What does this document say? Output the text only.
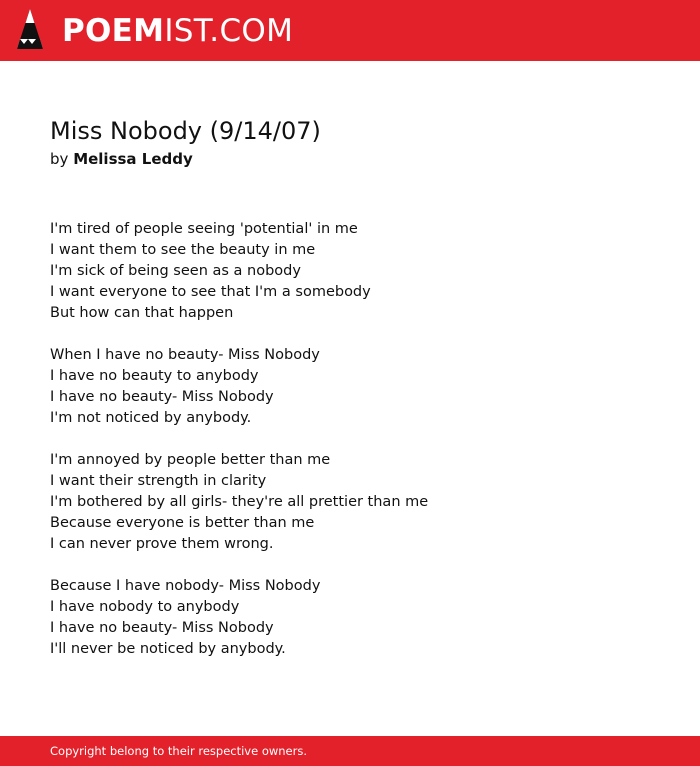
POEMIST.COM
Miss Nobody (9/14/07)
by Melissa Leddy
I'm tired of people seeing 'potential' in me
I want them to see the beauty in me
I'm sick of being seen as a nobody
I want everyone to see that I'm a somebody
But how can that happen
When I have no beauty- Miss Nobody
I have no beauty to anybody
I have no beauty- Miss Nobody
I'm not noticed by anybody.
I'm annoyed by people better than me
I want their strength in clarity
I'm bothered by all girls- they're all prettier than me
Because everyone is better than me
I can never prove them wrong.
Because I have nobody- Miss Nobody
I have nobody to anybody
I have no beauty- Miss Nobody
I'll never be noticed by anybody.
Copyright belong to their respective owners.
